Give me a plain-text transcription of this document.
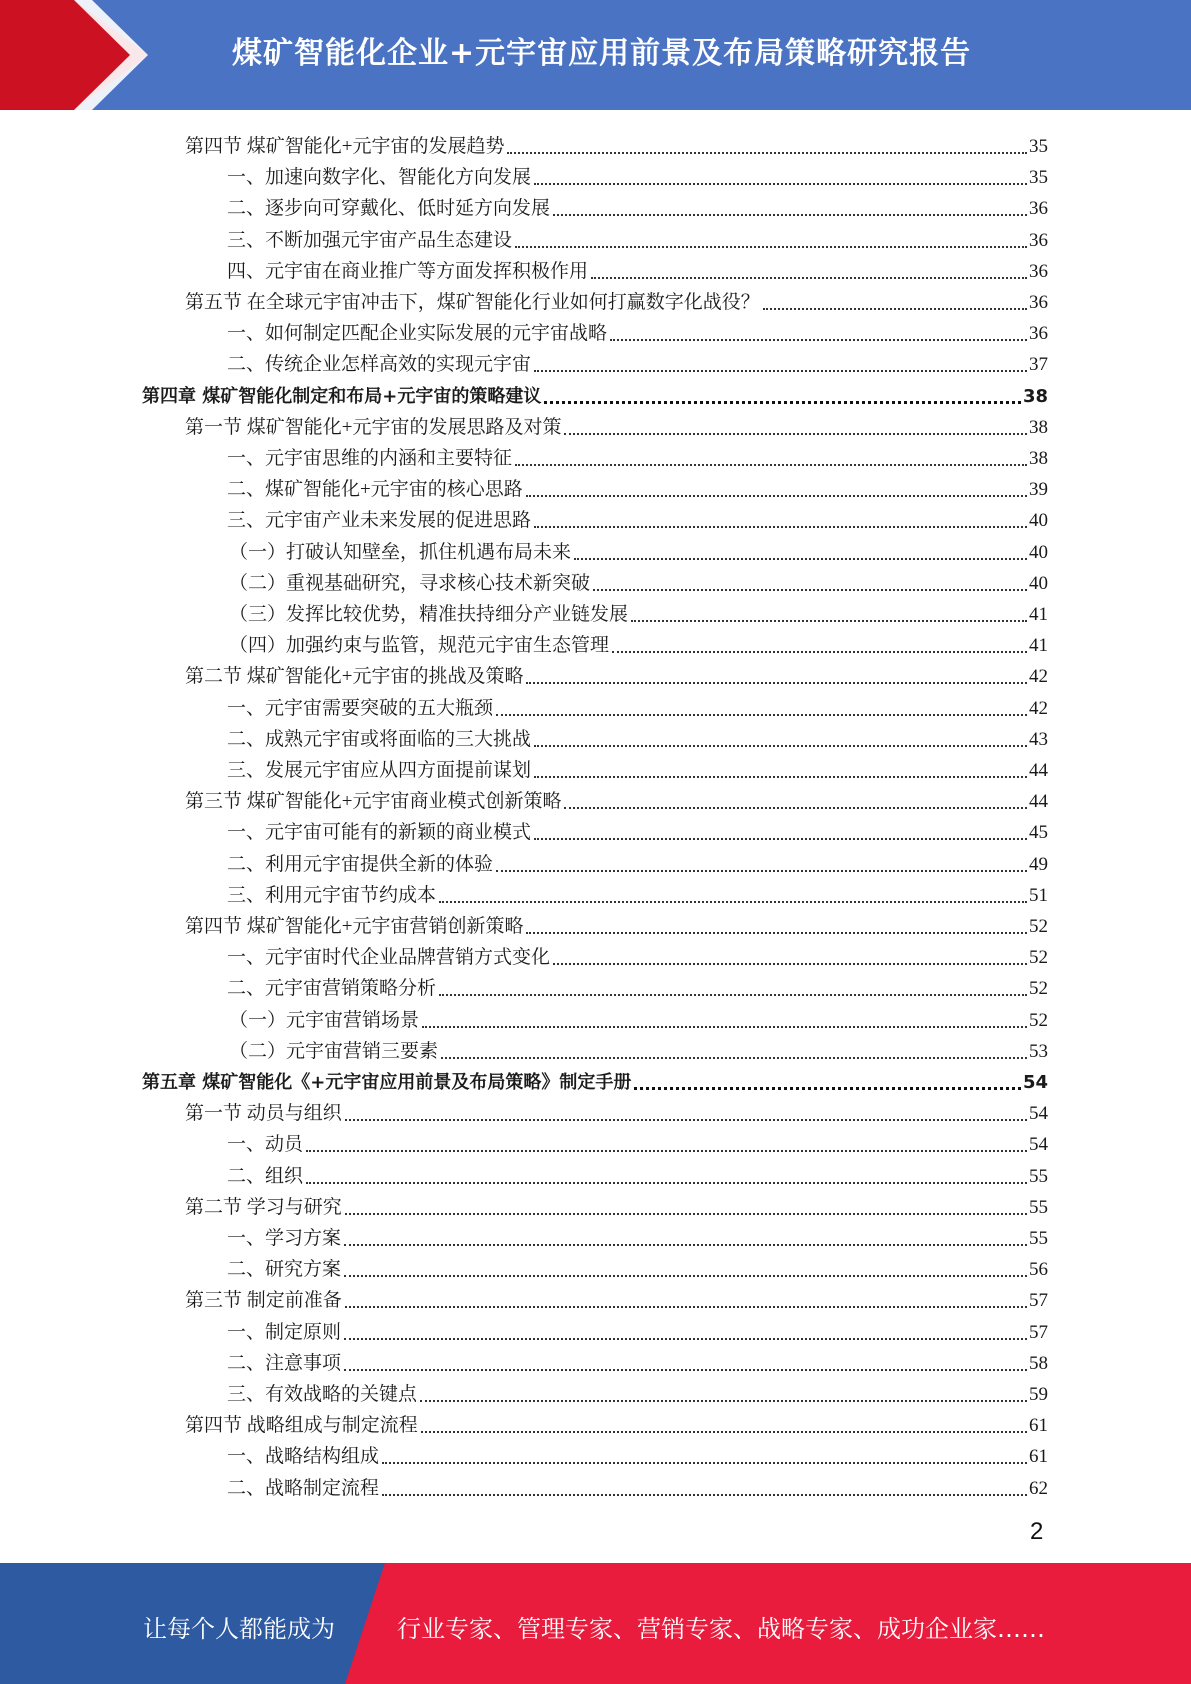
煤矿智能化企业+元宇宙应用前景及布局策略研究报告
第四节 煤矿智能化+元宇宙的发展趋势	35
一、加速向数字化、智能化方向发展	35
二、逐步向可穿戴化、低时延方向发展	36
三、不断加强元宇宙产品生态建设	36
四、元宇宙在商业推广等方面发挥积极作用	36
第五节 在全球元宇宙冲击下，煤矿智能化行业如何打赢数字化战役？	36
一、如何制定匹配企业实际发展的元宇宙战略	36
二、传统企业怎样高效的实现元宇宙	37
第四章 煤矿智能化制定和布局+元宇宙的策略建议	38
第一节 煤矿智能化+元宇宙的发展思路及对策	38
一、元宇宙思维的内涵和主要特征	38
二、煤矿智能化+元宇宙的核心思路	39
三、元宇宙产业未来发展的促进思路	40
（一）打破认知壁垒，抓住机遇布局未来	40
（二）重视基础研究，寻求核心技术新突破	40
（三）发挥比较优势，精准扶持细分产业链发展	41
（四）加强约束与监管，规范元宇宙生态管理	41
第二节 煤矿智能化+元宇宙的挑战及策略	42
一、元宇宙需要突破的五大瓶颈	42
二、成熟元宇宙或将面临的三大挑战	43
三、发展元宇宙应从四方面提前谋划	44
第三节 煤矿智能化+元宇宙商业模式创新策略	44
一、元宇宙可能有的新颖的商业模式	45
二、利用元宇宙提供全新的体验	49
三、利用元宇宙节约成本	51
第四节 煤矿智能化+元宇宙营销创新策略	52
一、元宇宙时代企业品牌营销方式变化	52
二、元宇宙营销策略分析	52
（一）元宇宙营销场景	52
（二）元宇宙营销三要素	53
第五章 煤矿智能化《+元宇宙应用前景及布局策略》制定手册	54
第一节 动员与组织	54
一、动员	54
二、组织	55
第二节 学习与研究	55
一、学习方案	55
二、研究方案	56
第三节 制定前准备	57
一、制定原则	57
二、注意事项	58
三、有效战略的关键点	59
第四节 战略组成与制定流程	61
一、战略结构组成	61
二、战略制定流程	62
2
让每个人都能成为	行业专家、管理专家、营销专家、战略专家、成功企业家……
